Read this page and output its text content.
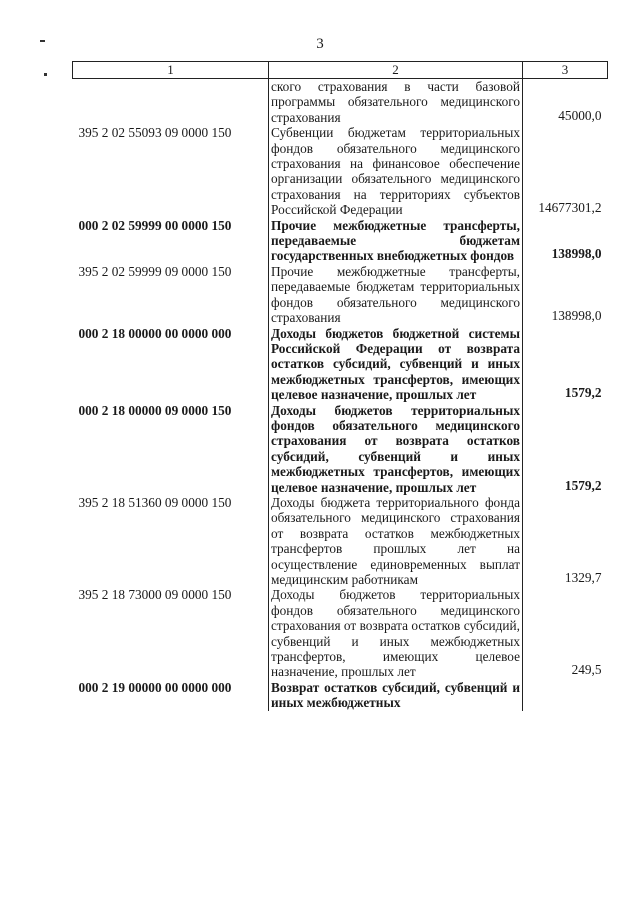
3
1	2	3
	ского страхования в части базовой программы обязательного медицинского страхования	45000,0
395 2 02 55093 09 0000 150	Субвенции бюджетам территориальных фондов обязательного медицинского страхования на финансовое обеспечение организации обязательного медицинского страхования на территориях субъектов Российской Федерации	14677301,2
000 2 02 59999 00 0000 150	Прочие межбюджетные трансферты, передаваемые бюджетам государственных внебюджетных фондов	138998,0
395 2 02 59999 09 0000 150	Прочие межбюджетные трансферты, передаваемые бюджетам территориальных фондов обязательного медицинского страхования	138998,0
000 2 18 00000 00 0000 000	Доходы бюджетов бюджетной системы Российской Федерации от возврата остатков субсидий, субвенций и иных межбюджетных трансфертов, имеющих целевое назначение, прошлых лет	1579,2
000 2 18 00000 09 0000 150	Доходы бюджетов территориальных фондов обязательного медицинского страхования от возврата остатков субсидий, субвенций и иных межбюджетных трансфертов, имеющих целевое назначение, прошлых лет	1579,2
395 2 18 51360 09 0000 150	Доходы бюджета территориального фонда обязательного медицинского страхования от возврата остатков межбюджетных трансфертов прошлых лет на осуществление единовременных выплат медицинским работникам	1329,7
395 2 18 73000 09 0000 150	Доходы бюджетов территориальных фондов обязательного медицинского страхования от возврата остатков субсидий, субвенций и иных межбюджетных трансфертов, имеющих целевое назначение, прошлых лет	249,5
000 2 19 00000 00 0000 000	Возврат остатков субсидий, субвенций и иных межбюджетных	
